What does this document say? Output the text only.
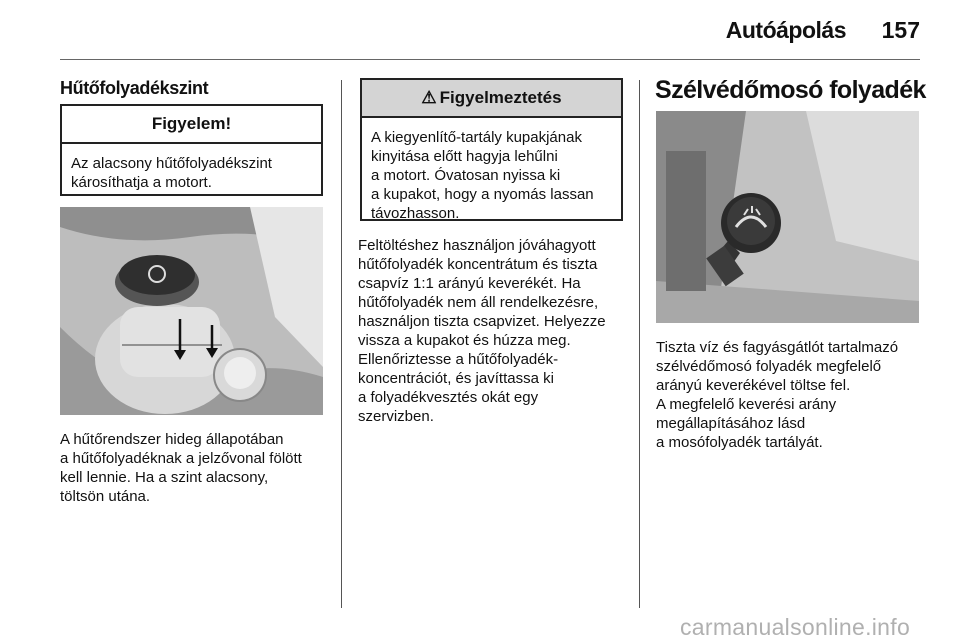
Autóápolás	157
Hűtőfolyadékszint
Figyelem!
Az alacsony hűtőfolyadékszint
károsíthatja a motort.

A hűtőrendszer hideg állapotában

a hűtőfolyadéknak a jelzővonal fölött

kell lennie. Ha a szint alacsony,

töltsön utána.

⚠ Figyelmeztetés
A kiegyenlítő-tartály kupakjának
kinyitása előtt hagyja lehűlni
a motort. Óvatosan nyissa ki
a kupakot, hogy a nyomás lassan
távozhasson.

Feltöltéshez használjon jóváhagyott

hűtőfolyadék koncentrátum és tiszta

csapvíz 1:1 arányú keverékét. Ha

hűtőfolyadék nem áll rendelkezésre,

használjon tiszta csapvizet. Helyezze

vissza a kupakot és húzza meg.

Ellenőriztesse a hűtőfolyadék-

koncentrációt, és javíttassa ki

a folyadékvesztés okát egy

szervizben.

Szélvédőmosó folyadék

Tiszta víz és fagyásgátlót tartalmazó

szélvédőmosó folyadék megfelelő

arányú keverékével töltse fel.

A megfelelő keverési arány

megállapításához lásd

a mosófolyadék tartályát.

carmanualsonline.info
